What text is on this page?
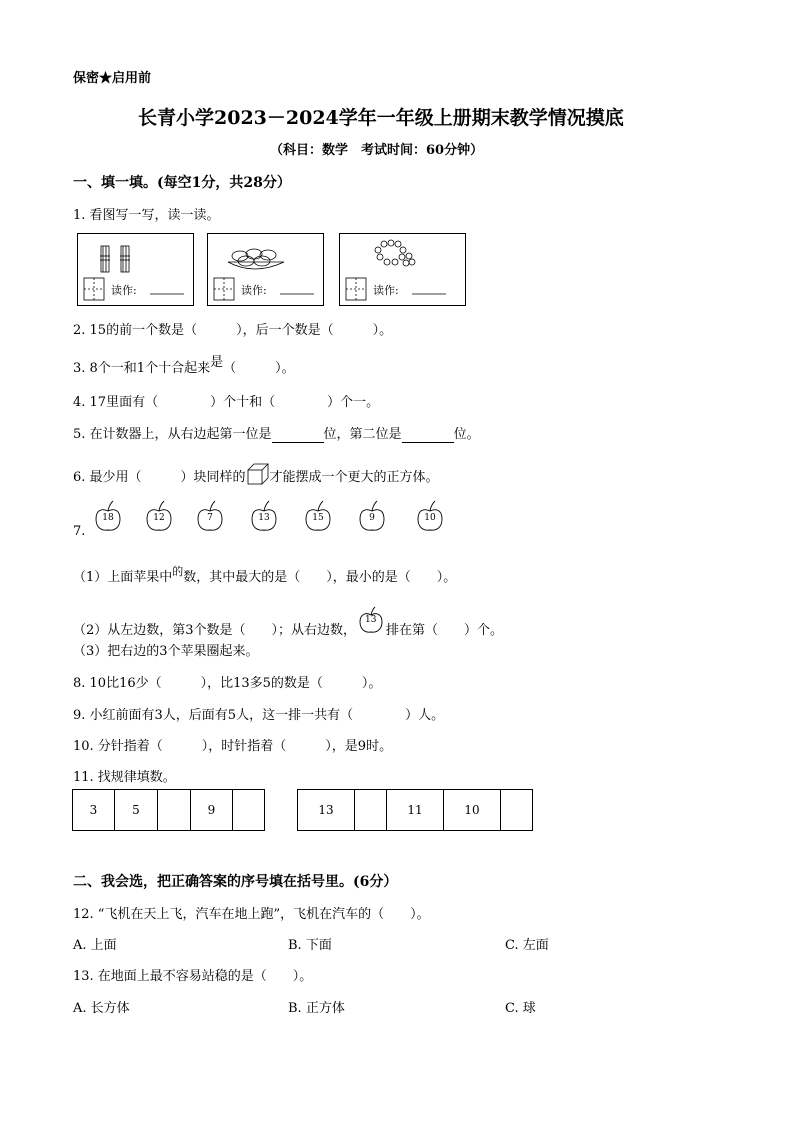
保密★启用前
长青小学2023－2024学年一年级上册期末教学情况摸底
（科目：数学　考试时间：60分钟）
一、填一填。(每空1分，共28分）
1. 看图写一写，读一读。
读作:	读作:	读作:
2. 15的前一个数是（　　　），后一个数是（　　　）。
3. 8个一和1个十合起来是（　　　）。
4. 17里面有（　　　　）个十和（　　　　）个一。
5. 在计数器上，从右边起第一位是	位，第二位是	位。
6. 最少用（　　　）块同样的 才能摆成一个更大的正方体。
7.
18	12	7	13	15	9	10
（1）上面苹果中$^的$数，其中最大的是（　　），最小的是（　　）。
（2）从左边数，第3个数是（　　）；从右边数，
13
排在第（　　）个。
（3）把右边的3个苹果圈起来。
8. 10比16少（　　　），比13多5的数是（　　　）。
9. 小红前面有3人，后面有5人，这一排一共有（　　　　）人。
10. 分针指着（　　　），时针指着（　　　），是9时。
11. 找规律填数。
3	5		9		13		11	10	
二、我会选，把正确答案的序号填在括号里。(6分）
12. “飞机在天上飞，汽车在地上跑”，飞机在汽车的（　　）。
A. 上面	B. 下面	C. 左面
13. 在地面上最不容易站稳的是（　　）。
A. 长方体	B. 正方体	C. 球
